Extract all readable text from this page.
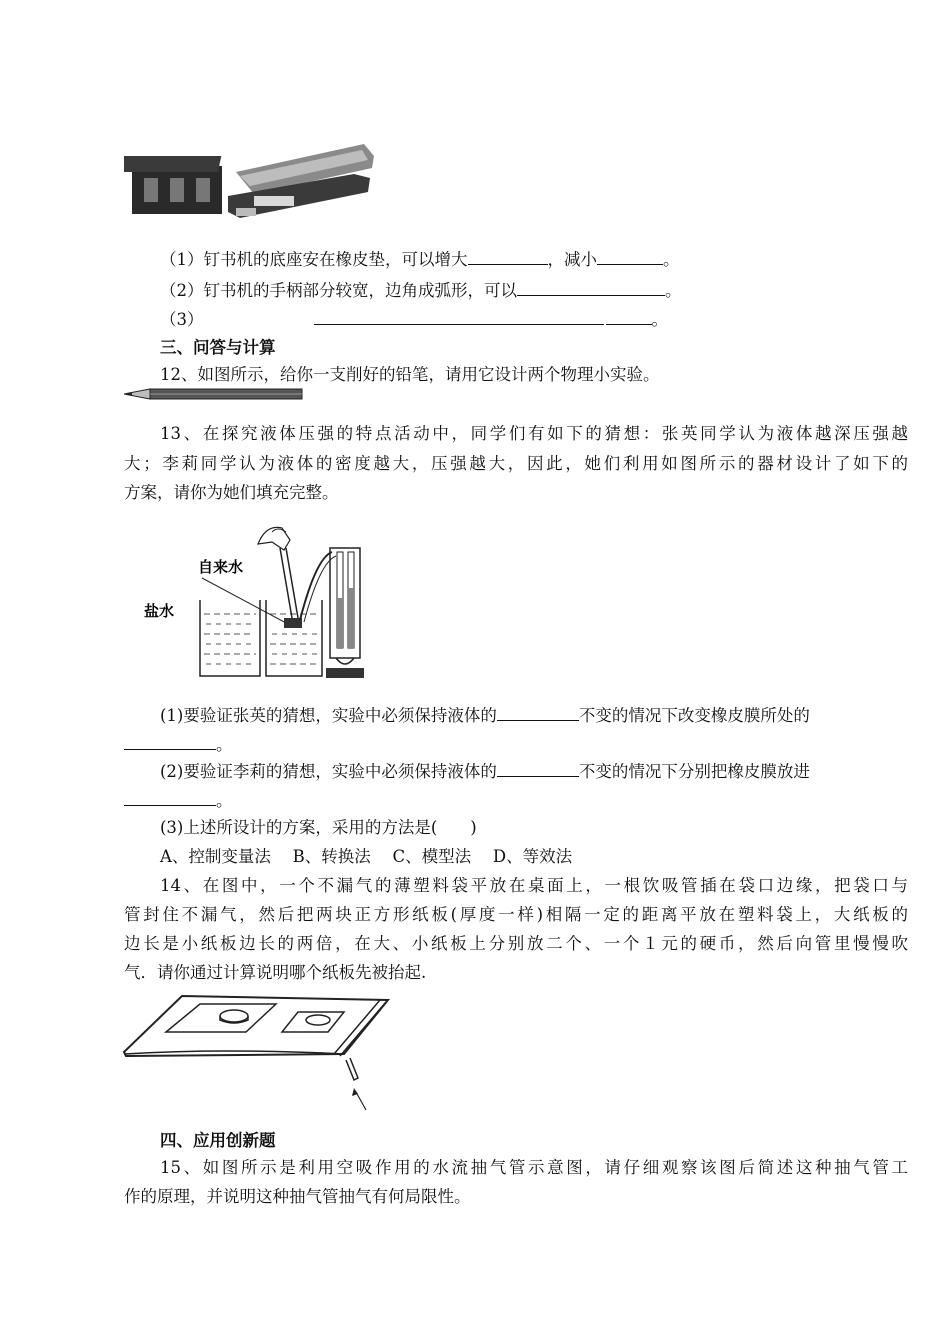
（1）钉书机的底座安在橡皮垫，可以增大	，减小	。
（2）钉书机的手柄部分较宽，边角成弧形，可以	。
（3）	。
三、问答与计算
12、如图所示，给你一支削好的铅笔，请用它设计两个物理小实验。
13、在探究液体压强的特点活动中，同学们有如下的猜想：张英同学认为液体越深压强越
大；李莉同学认为液体的密度越大，压强越大，因此，她们利用如图所示的器材设计了如下的
方案，请你为她们填充完整。
自来水
盐水
(1)要验证张英的猜想，实验中必须保持液体的	不变的情况下改变橡皮膜所处的
。
(2)要验证李莉的猜想，实验中必须保持液体的	不变的情况下分别把橡皮膜放进
。
(3)上述所设计的方案，采用的方法是(　　)
A、控制变量法　 B、转换法　 C、模型法　 D、等效法
14、在图中，一个不漏气的薄塑料袋平放在桌面上，一根饮吸管插在袋口边缘，把袋口与
管封住不漏气，然后把两块正方形纸板(厚度一样)相隔一定的距离平放在塑料袋上，大纸板的
边长是小纸板边长的两倍，在大、小纸板上分别放二个、一个１元的硬币，然后向管里慢慢吹
气．请你通过计算说明哪个纸板先被抬起.
四、应用创新题
15、如图所示是利用空吸作用的水流抽气管示意图，请仔细观察该图后简述这种抽气管工
作的原理，并说明这种抽气管抽气有何局限性。
